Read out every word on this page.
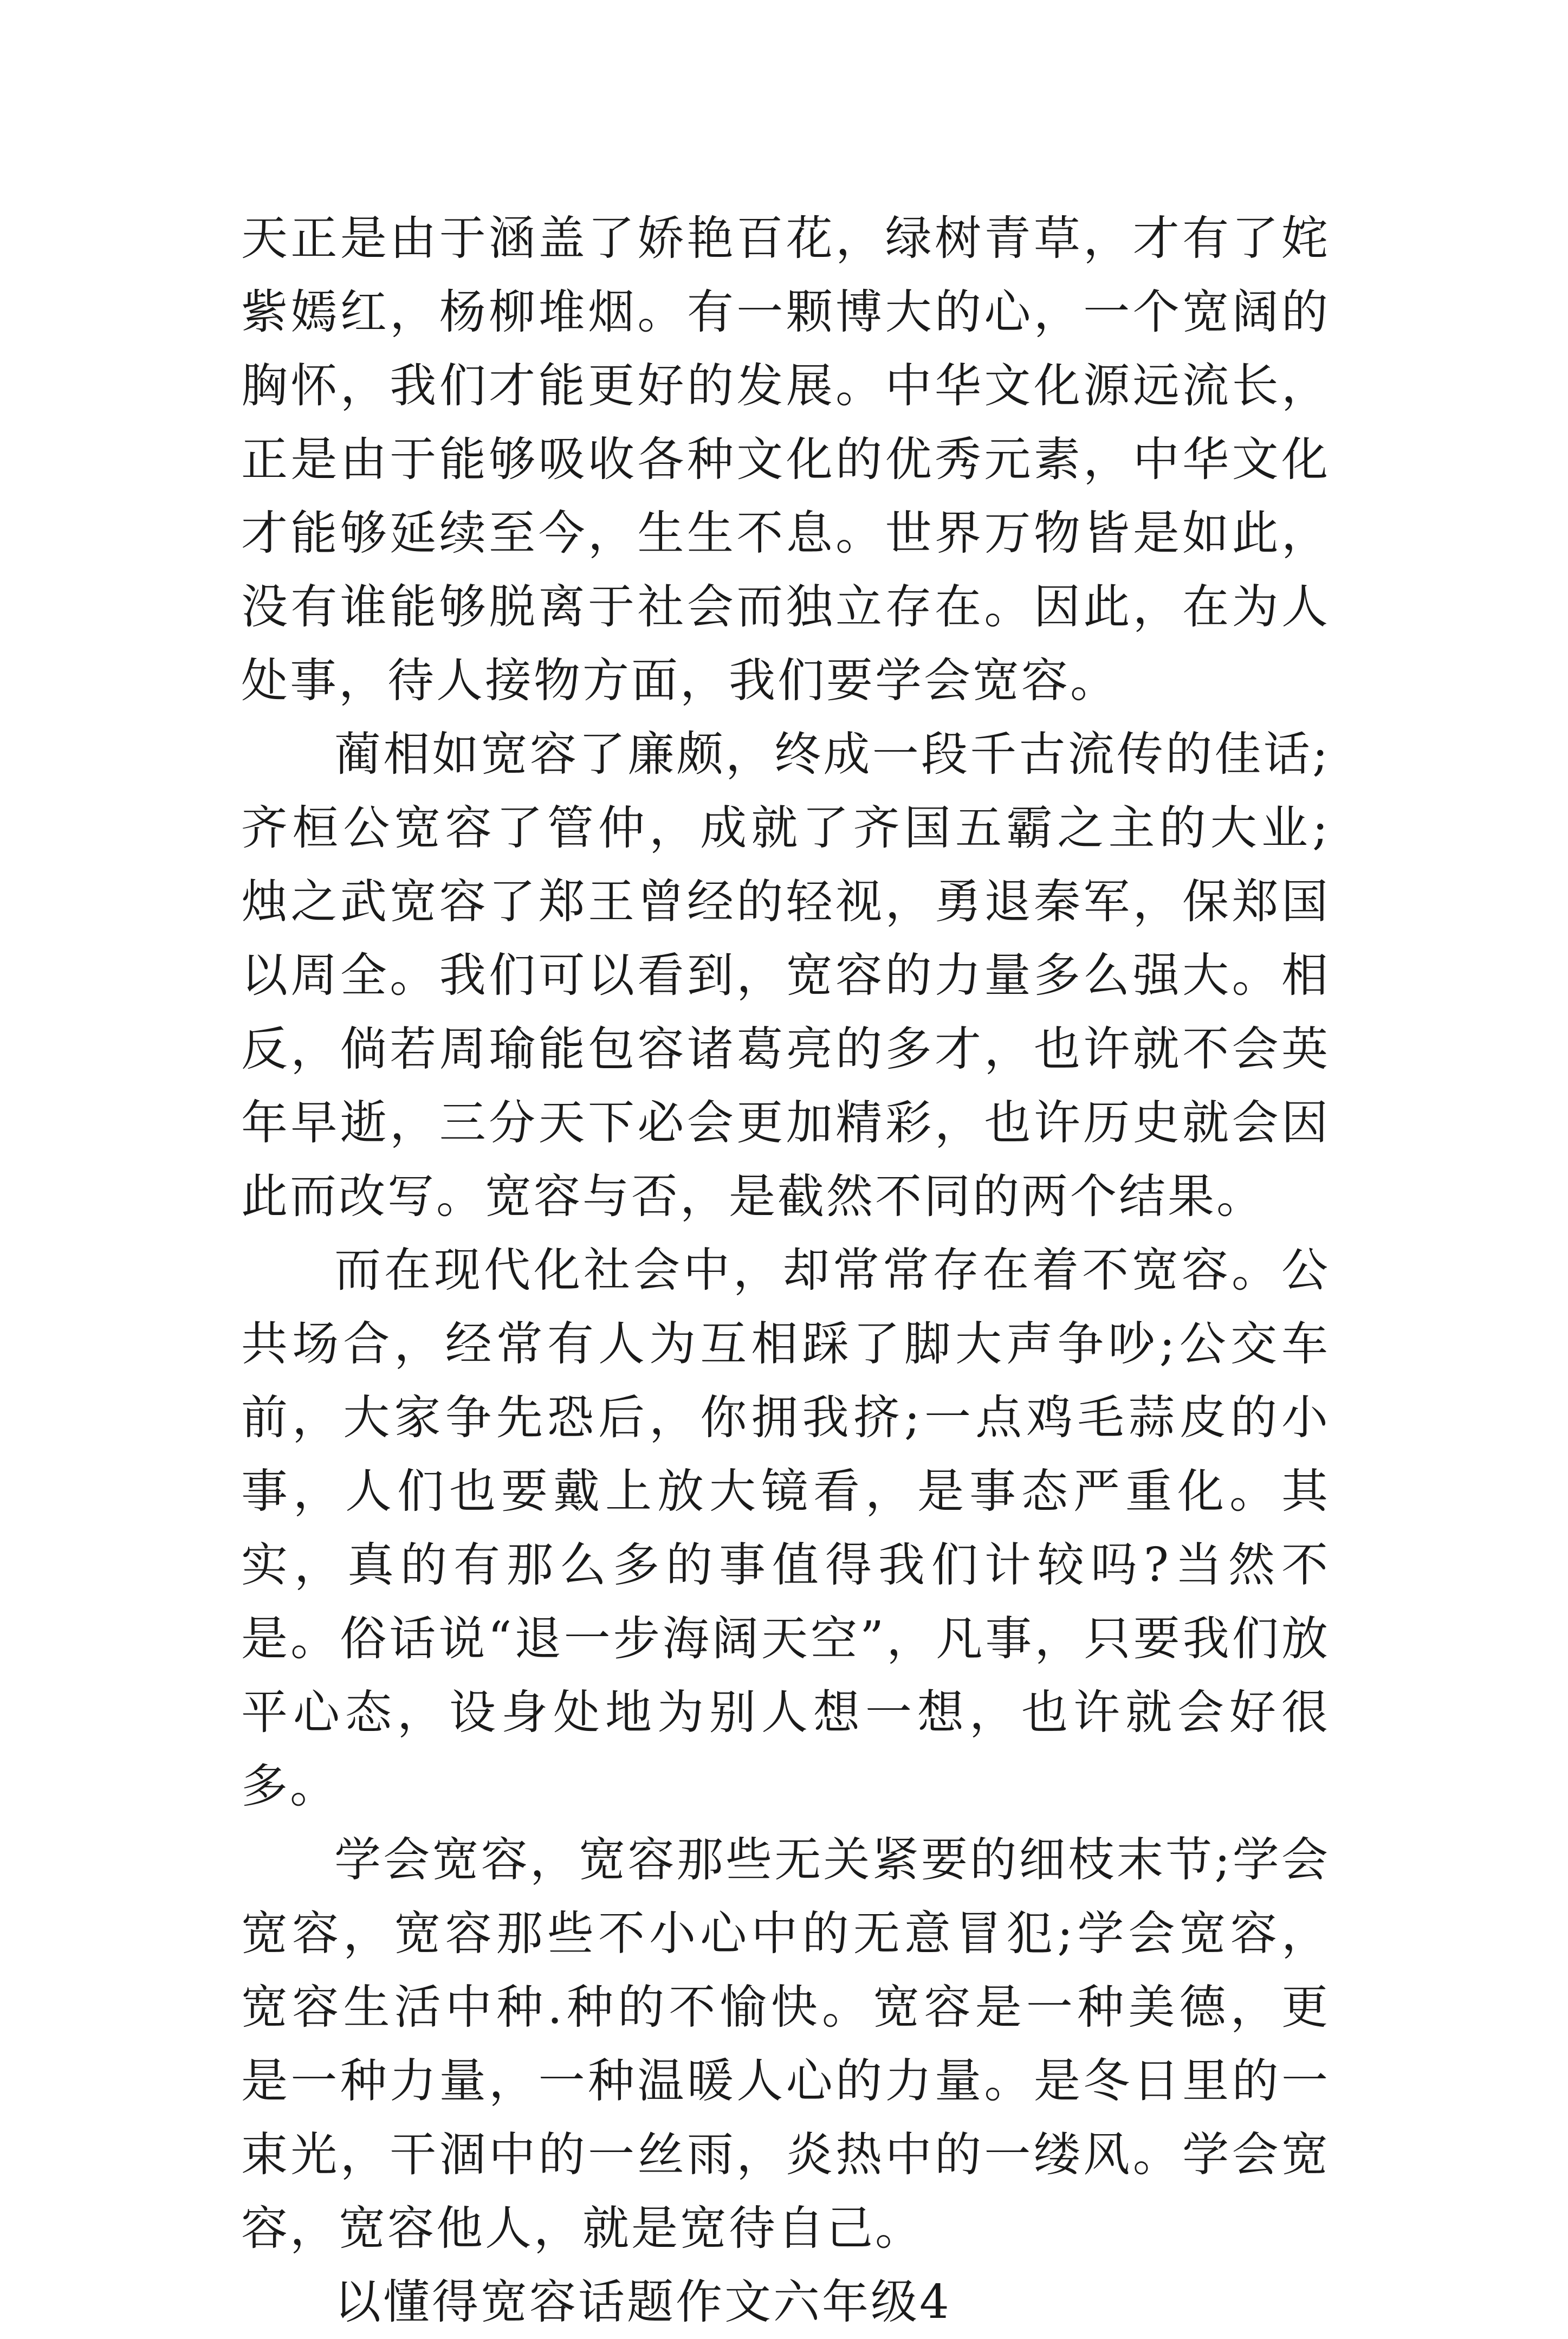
天正是由于涵盖了娇艳百花，绿树青草，才有了姹紫嫣红，杨柳堆烟。有一颗博大的心，一个宽阔的胸怀，我们才能更好的发展。中华文化源远流长，正是由于能够吸收各种文化的优秀元素，中华文化才能够延续至今，生生不息。世界万物皆是如此，没有谁能够脱离于社会而独立存在。因此，在为人处事，待人接物方面，我们要学会宽容。

蔺相如宽容了廉颇，终成一段千古流传的佳话;齐桓公宽容了管仲，成就了齐国五霸之主的大业;烛之武宽容了郑王曾经的轻视，勇退秦军，保郑国以周全。我们可以看到，宽容的力量多么强大。相反，倘若周瑜能包容诸葛亮的多才，也许就不会英年早逝，三分天下必会更加精彩，也许历史就会因此而改写。宽容与否，是截然不同的两个结果。

而在现代化社会中，却常常存在着不宽容。公共场合，经常有人为互相踩了脚大声争吵;公交车前，大家争先恐后，你拥我挤;一点鸡毛蒜皮的小事，人们也要戴上放大镜看，是事态严重化。其实，真的有那么多的事值得我们计较吗?当然不是。俗话说“退一步海阔天空”，凡事，只要我们放平心态，设身处地为别人想一想，也许就会好很多。

学会宽容，宽容那些无关紧要的细枝末节;学会宽容，宽容那些不小心中的无意冒犯;学会宽容，宽容生活中种.种的不愉快。宽容是一种美德，更是一种力量，一种温暖人心的力量。是冬日里的一束光，干涸中的一丝雨，炎热中的一缕风。学会宽容，宽容他人，就是宽待自己。

以懂得宽容话题作文六年级4
